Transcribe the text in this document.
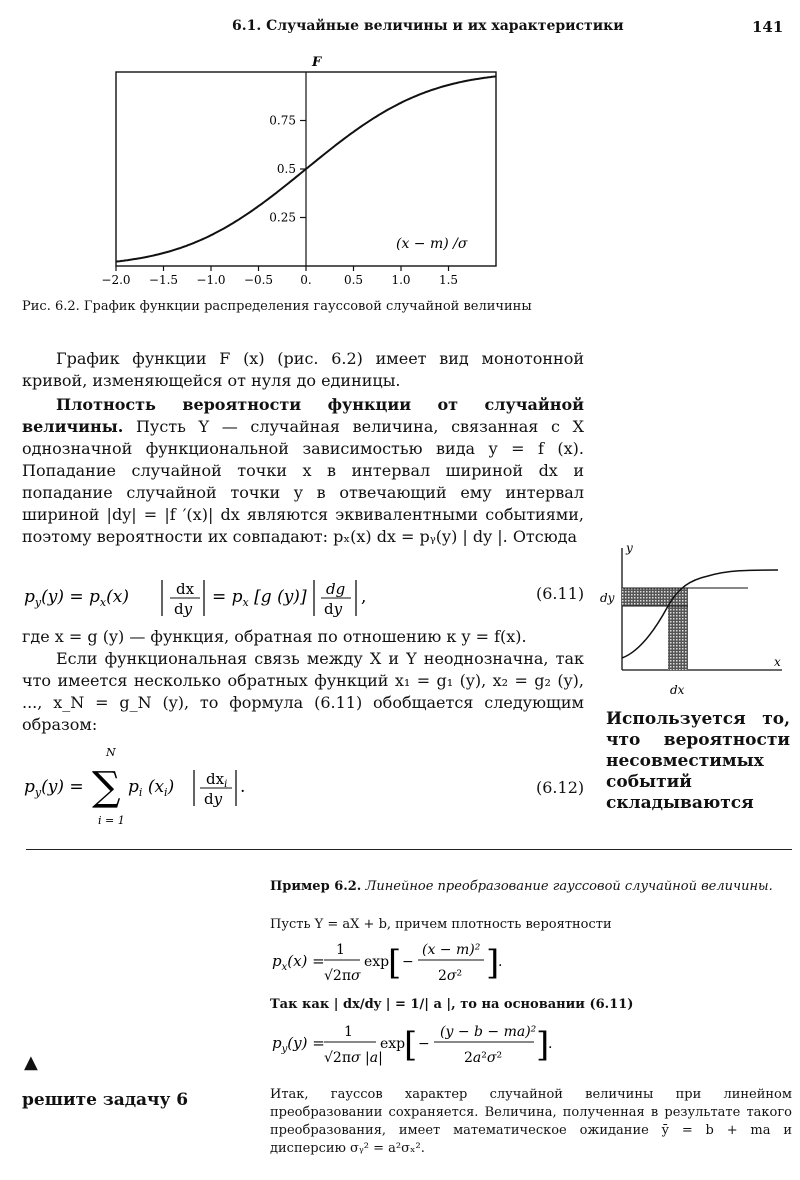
6.1. Случайные величины и их характеристики	141
F
(x − m) /σ
0.25
0.5
0.75
−2.0 −1.5 −1.0 −0.5 0.	0.5 1.0 1.5
Рис. 6.2. График функции распределения гауссовой случайной величины
График функции F (x) (рис. 6.2) имеет вид монотонной кривой, изменяющейся от нуля до единицы.
Плотность вероятности функции от случайной величины. Пусть Y — случайная величина, связанная с X однозначной функциональной зависимостью вида y = f (x). Попадание случайной точки x в интервал шириной dx и попадание случайной точки y в отвечающий ему интервал шириной |dy| = |f ′(x)| dx являются эквивалентными событиями, поэтому вероятности их совпадают: pₓ(x) dx = pᵧ(y) | dy |. Отсюда
$p_y(y) = p_x(x)$	dx
dy
= $p_x$ [g (y)] dg
dy
,	(6.11)
где x = g (y) — функция, обратная по отношению к y = f(x).
Если функциональная связь между X и Y неоднозначна, так что имеется несколько обратных функций x₁ = g₁ (y), x₂ = g₂ (y), ..., x_N = g_N (y), то формула (6.11) обобщается следующим образом:
$p_y(y)$ =
N
∑
i = 1
$p_i$ $(x_i)$ $dx_i$
dy
.	(6.12)
y
x
dy
dx
Используется то, что вероятности несовместимых событий складываются
Пример 6.2. Линейное преобразование гауссовой случайной величины.
Пусть Y = aX + b, причем плотность вероятности
$p_x(x)$ =
1
√2πσ
exp
[ −
(x − m)²
2σ² ]
.
Так как | dx/dy | = 1/| a |, то на основании (6.11)
$p_y(y)$ =
1
√2πσ |a|
exp
[ −
(y − b − ma)²
2a²σ² ]
.
Итак, гауссов характер случайной величины при линейном преобразовании сохраняется. Величина, полученная в результате такого преобразования, имеет математическое ожидание ȳ = b + ma и дисперсию σᵧ² = a²σₓ².
▲
решите задачу 6
